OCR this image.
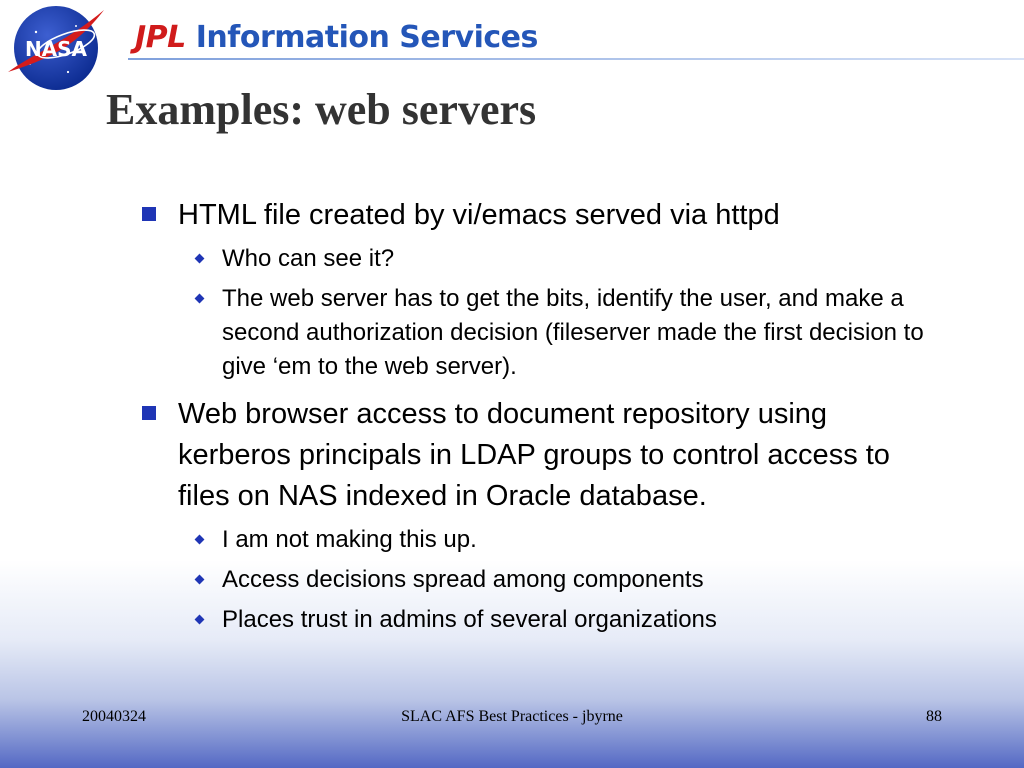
NASA JPL Information Services
Examples: web servers
HTML file created by vi/emacs served via httpd
Who can see it?
The web server has to get the bits, identify the user, and make a second authorization decision (fileserver made the first decision to give ‘em to the web server).
Web browser access to document repository using kerberos principals in LDAP groups to control access to files on NAS indexed in Oracle database.
I am not making this up.
Access decisions spread among components
Places trust in admins of several organizations
20040324	SLAC AFS Best Practices - jbyrne	88
